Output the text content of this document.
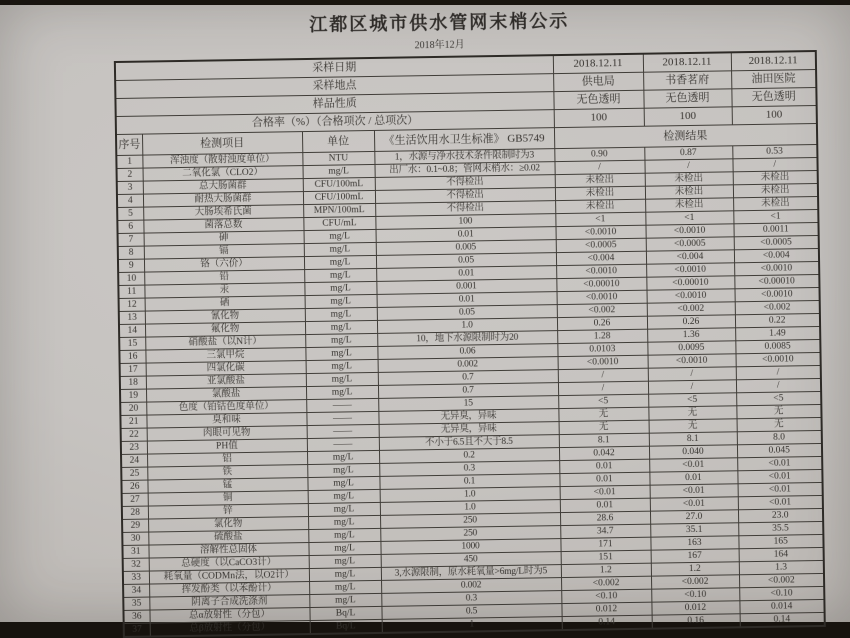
江都区城市供水管网末梢公示
2018年12月
采样日期				2018.12.11	2018.12.11	2018.12.11
采样地点				供电局	书香茗府	油田医院
样品性质				无色透明	无色透明	无色透明
合格率（%）（合格项次 / 总项次）				100	100	100
序号	检测项目	单位	《生活饮用水卫生标准》 GB5749	检测结果		
1	浑浊度（散射浊度单位）	NTU	1，水源与净水技术条件限制时为3	0.90	0.87	0.53
2	二氧化氯（CLO2）	mg/L	出厂水：0.1~0.8；管网末梢水：≥0.02	/	/	/
3	总大肠菌群	CFU/100mL	不得检出	未检出	未检出	未检出
4	耐热大肠菌群	CFU/100mL	不得检出	未检出	未检出	未检出
5	大肠埃希氏菌	MPN/100mL	不得检出	未检出	未检出	未检出
6	菌落总数	CFU/mL	100	<1	<1	<1
7	砷	mg/L	0.01	<0.0010	<0.0010	0.0011
8	镉	mg/L	0.005	<0.0005	<0.0005	<0.0005
9	铬（六价）	mg/L	0.05	<0.004	<0.004	<0.004
10	铅	mg/L	0.01	<0.0010	<0.0010	<0.0010
11	汞	mg/L	0.001	<0.00010	<0.00010	<0.00010
12	硒	mg/L	0.01	<0.0010	<0.0010	<0.0010
13	氰化物	mg/L	0.05	<0.002	<0.002	<0.002
14	氟化物	mg/L	1.0	0.26	0.26	0.22
15	硝酸盐（以N计）	mg/L	10，地下水源限制时为20	1.28	1.36	1.49
16	三氯甲烷	mg/L	0.06	0.0103	0.0095	0.0085
17	四氯化碳	mg/L	0.002	<0.0010	<0.0010	<0.0010
18	亚氯酸盐	mg/L	0.7	/	/	/
19	氯酸盐	mg/L	0.7	/	/	/
20	色度（铂钴色度单位）	——	15	<5	<5	<5
21	臭和味	——	无异臭，异味	无	无	无
22	肉眼可见物	——	无异臭，异味	无	无	无
23	PH值	——	不小于6.5且不大于8.5	8.1	8.1	8.0
24	铝	mg/L	0.2	0.042	0.040	0.045
25	铁	mg/L	0.3	0.01	<0.01	<0.01
26	锰	mg/L	0.1	0.01	0.01	<0.01
27	铜	mg/L	1.0	<0.01	<0.01	<0.01
28	锌	mg/L	1.0	0.01	<0.01	<0.01
29	氯化物	mg/L	250	28.6	27.0	23.0
30	硫酸盐	mg/L	250	34.7	35.1	35.5
31	溶解性总固体	mg/L	1000	171	163	165
32	总硬度（以CaCO3计）	mg/L	450	151	167	164
33	耗氧量（CODMn法，以O2计）	mg/L	3,水源限制，原水耗氧量>6mg/L时为5	1.2	1.2	1.3
34	挥发酚类（以苯酚计）	mg/L	0.002	<0.002	<0.002	<0.002
35	阴离子合成洗涤剂	mg/L	0.3	<0.10	<0.10	<0.10
36	总α放射性（分包）	Bq/L	0.5	0.012	0.012	0.014
37	总β放射性（分包）	Bq/L	1	0.14	0.16	0.14
